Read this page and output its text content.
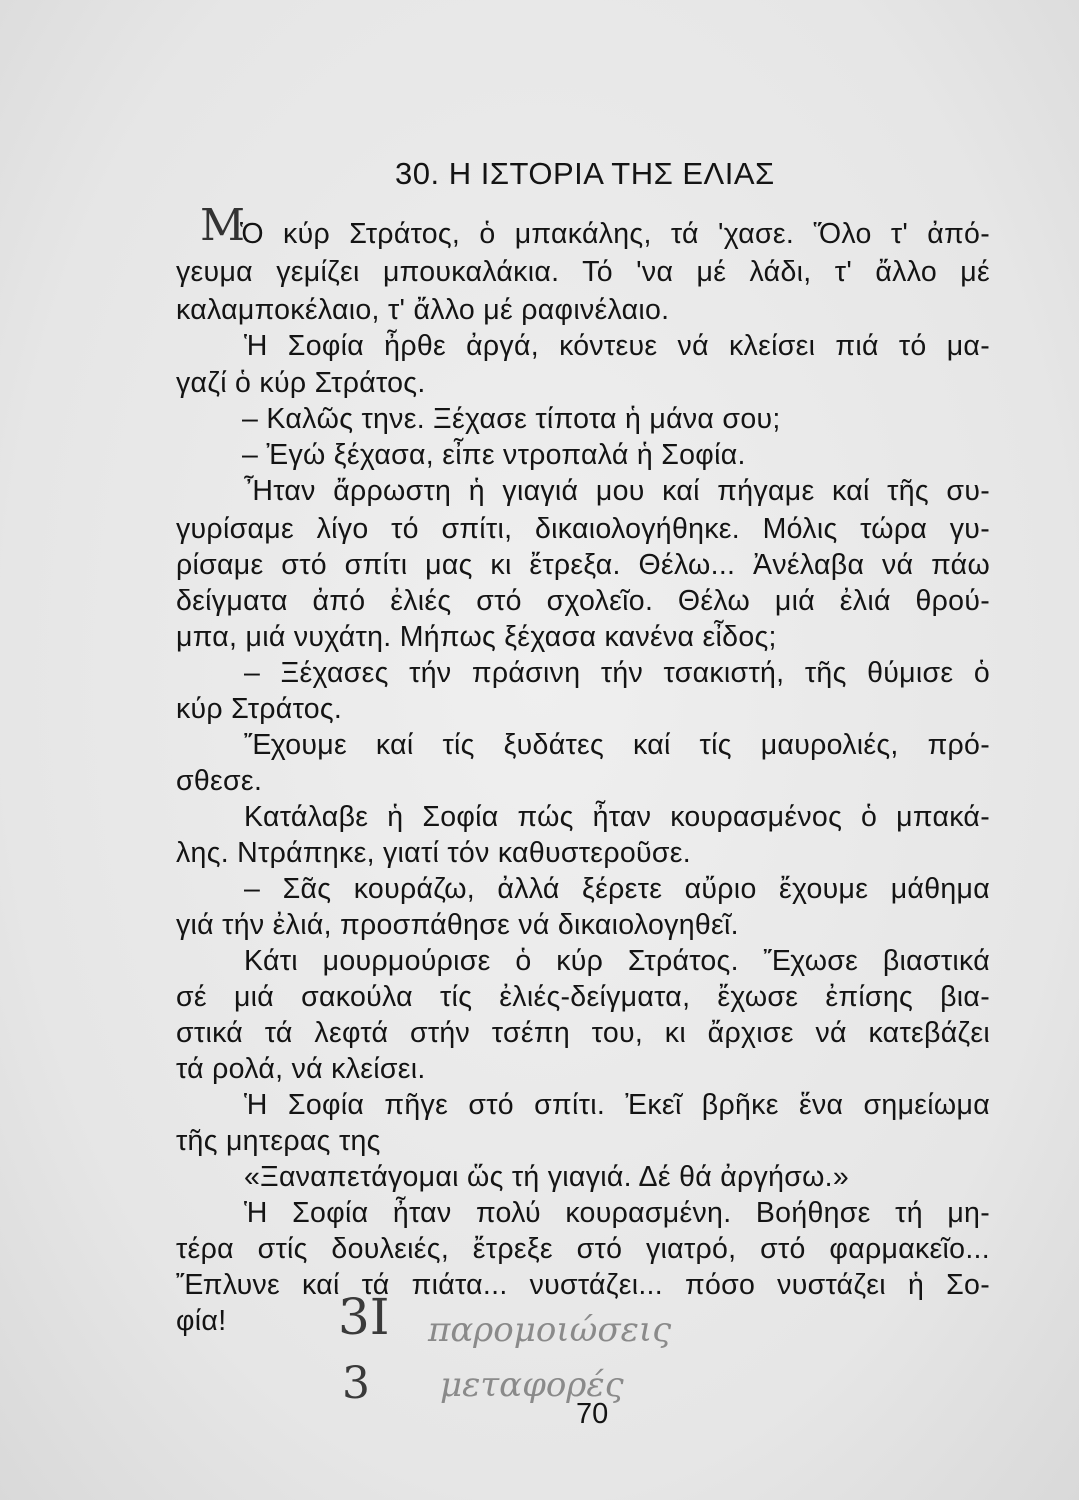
30. Η ΙΣΤΟΡΙΑ ΤΗΣ ΕΛΙΑΣ
Μ
Ὁ κύρ Στράτος, ὁ μπακάλης, τά 'χασε. Ὅλο τ' ἀπό-
γευμα γεμίζει μπουκαλάκια. Τό 'να μέ λάδι, τ' ἄλλο μέ
καλαμποκέλαιο, τ' ἄλλο μέ ραφινέλαιο.
Ἡ Σοφία ἦρθε ἀργά, κόντευε νά κλείσει πιά τό μα-
γαζί ὁ κύρ Στράτος.
– Καλῶς τηνε. Ξέχασε τίποτα ἡ μάνα σου;
– Ἐγώ ξέχασα, εἶπε ντροπαλά ἡ Σοφία.
Ἦταν ἄρρωστη ἡ γιαγιά μου καί πήγαμε καί τῆς συ-
γυρίσαμε λίγο τό σπίτι, δικαιολογήθηκε. Μόλις τώρα γυ-
ρίσαμε στό σπίτι μας κι ἔτρεξα. Θέλω... Ἀνέλαβα νά πάω
δείγματα ἀπό ἐλιές στό σχολεῖο. Θέλω μιά ἐλιά θρού-
μπα, μιά νυχάτη. Μήπως ξέχασα κανένα εἶδος;
– Ξέχασες τήν πράσινη τήν τσακιστή, τῆς θύμισε ὁ
κύρ Στράτος.
Ἔχουμε καί τίς ξυδάτες καί τίς μαυρολιές, πρό-
σθεσε.
Κατάλαβε ἡ Σοφία πώς ἦταν κουρασμένος ὁ μπακά-
λης. Ντράπηκε, γιατί τόν καθυστεροῦσε.
– Σᾶς κουράζω, ἀλλά ξέρετε αὔριο ἔχουμε μάθημα
γιά τήν ἐλιά, προσπάθησε νά δικαιολογηθεῖ.
Κάτι μουρμούρισε ὁ κύρ Στράτος. Ἔχωσε βιαστικά
σέ μιά σακούλα τίς ἐλιές-δείγματα, ἔχωσε ἐπίσης βια-
στικά τά λεφτά στήν τσέπη του, κι ἄρχισε νά κατεβάζει
τά ρολά, νά κλείσει.
Ἡ Σοφία πῆγε στό σπίτι. Ἐκεῖ βρῆκε ἕνα σημείωμα
τῆς μητερας της
«Ξαναπετάγομαι ὥς τή γιαγιά. Δέ θά ἀργήσω.»
Ἡ Σοφία ἦταν πολύ κουρασμένη. Βοήθησε τή μη-
τέρα στίς δουλειές, ἔτρεξε στό γιατρό, στό φαρμακεῖο...
Ἔπλυνε καί τά πιάτα... νυστάζει... πόσο νυστάζει ἡ Σο-
φία!	3Ι παρομοιώσεις
3 μεταφορές
70
